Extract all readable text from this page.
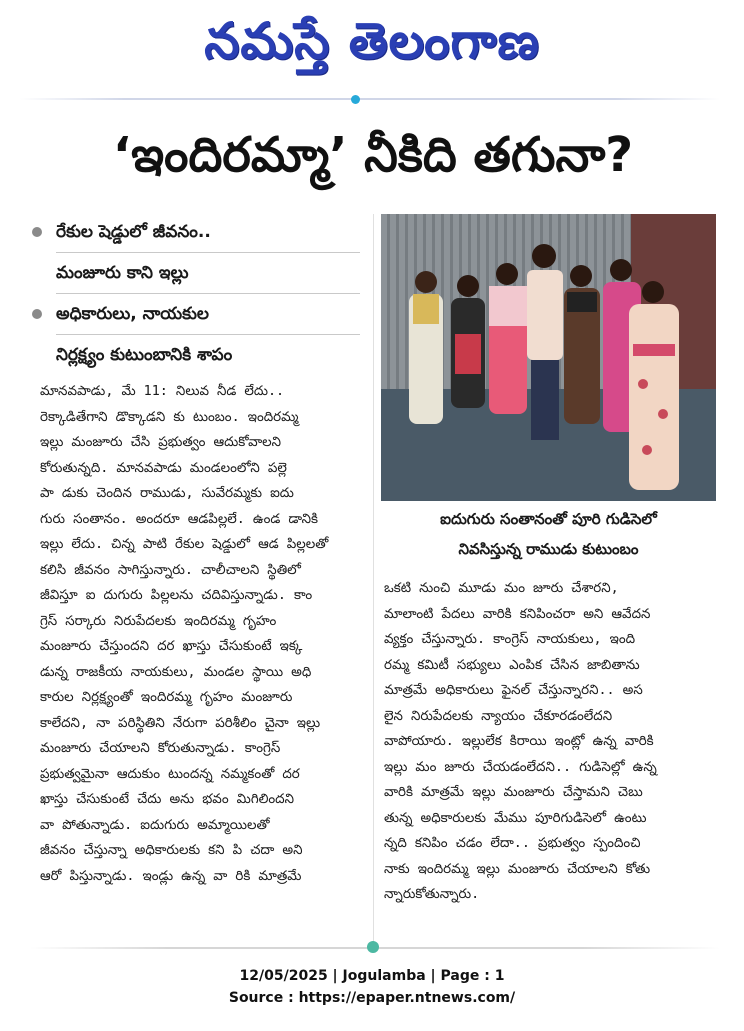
నమస్తే తెలంగాణ
‘ఇందిరమ్మా’ నీకిది తగునా?
రేకుల షెడ్డులో జీవనం..
మంజూరు కాని ఇల్లు
అధికారులు, నాయకుల
నిర్లక్ష్యం కుటుంబానికి శాపం
మానవపాడు, మే 11: నిలువ నీడ లేదు..
రెక్కాడితేగాని డొక్కాడని కు టుంబం. ఇందిరమ్మ
ఇల్లు మంజూరు చేసి ప్రభుత్వం ఆదుకోవాలని
కోరుతున్నది. మానవపాడు మండలంలోని పల్లె
పా డుకు చెందిన రాముడు, సువేరమ్మకు ఐదు
గురు సంతానం. అందరూ ఆడపిల్లలే. ఉండ డానికి
ఇల్లు లేదు. చిన్న పాటి రేకుల షెడ్డులో ఆడ పిల్లలతో
కలిసి జీవనం సాగిస్తున్నారు. చాలీచాలని స్థితిలో
జీవిస్తూ ఐ దుగురు పిల్లలను చదివిస్తున్నాడు. కాం
గ్రెస్ సర్కారు నిరుపేదలకు ఇందిరమ్మ గృహం
మంజూరు చేస్తుందని దర ఖాస్తు చేసుకుంటే ఇక్క
డున్న రాజకీయ నాయకులు, మండల స్థాయి అధి
కారుల నిర్లక్ష్యంతో ఇందిరమ్మ గృహం మంజూరు
కాలేదని, నా పరిస్థితిని నేరుగా పరిశీలిం చైనా ఇల్లు
మంజూరు చేయాలని కోరుతున్నాడు. కాంగ్రెస్
ప్రభుత్వమైనా ఆదుకుం టుందన్న నమ్మకంతో దర
ఖాస్తు చేసుకుంటే చేదు అను భవం మిగిలిందని
వా పోతున్నాడు. ఐదుగురు అమ్మాయిలతో
జీవనం చేస్తున్నా అధికారులకు కని పి చదా అని
ఆరో పిస్తున్నాడు. ఇండ్లు ఉన్న వా రికి మాత్రమే
ఐదుగురు సంతానంతో పూరి గుడిసెలో
నివసిస్తున్న రాముడు కుటుంబం
ఒకటి నుంచి మూడు మం జూరు చేశారని,
మాలాంటి పేదలు వారికి కనిపించరా అని ఆవేదన
వ్యక్తం చేస్తున్నారు. కాంగ్రెస్ నాయకులు, ఇంది
రమ్మ కమిటీ సభ్యులు ఎంపిక చేసిన జాబితాను
మాత్రమే అధికారులు ఫైనల్ చేస్తున్నారని.. అస
లైన నిరుపేదలకు న్యాయం చేకూరడంలేదని
వాపోయారు. ఇల్లులేక కిరాయి ఇంట్లో ఉన్న వారికి
ఇల్లు మం జూరు చేయడంలేదని.. గుడిసెల్లో ఉన్న
వారికి మాత్రమే ఇల్లు మంజూరు చేస్తామని చెబు
తున్న అధికారులకు మేము పూరిగుడిసెలో ఉంటు
న్నది కనిపిం చడం లేదా.. ప్రభుత్వం స్పందించి
నాకు ఇందిరమ్మ ఇల్లు మంజూరు చేయాలని కోతు
న్నారుకోతున్నారు.
12/05/2025 | Jogulamba | Page : 1
Source : https://epaper.ntnews.com/
